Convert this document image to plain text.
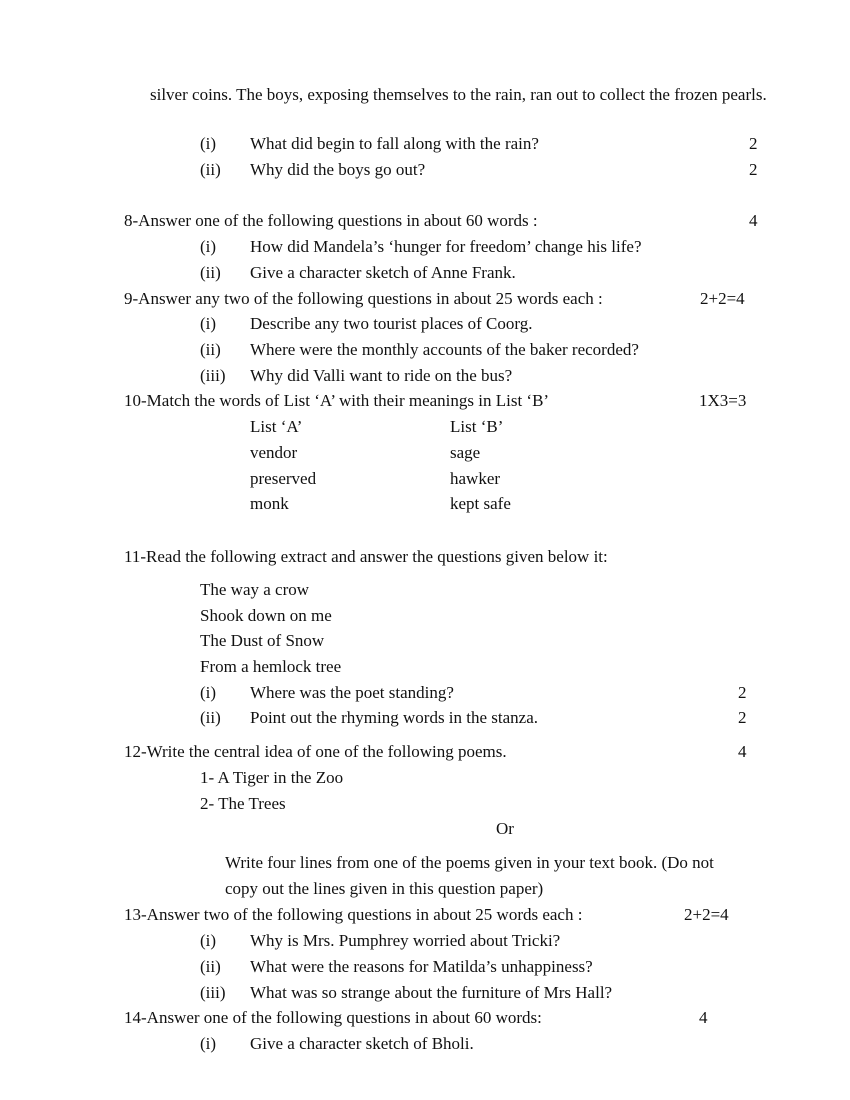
silver coins. The boys, exposing themselves to the rain, ran out to collect the frozen pearls.
(i) What did begin to fall along with the rain?	2
(ii) Why did the boys go out?	2
8-Answer one of the following questions in about 60 words :	4
(i) How did Mandela’s ‘hunger for freedom’ change his life?
(ii) Give a character sketch of Anne Frank.
9-Answer any two of the following questions in about 25 words each :	2+2=4
(i) Describe any two tourist places of Coorg.
(ii) Where were the monthly accounts of the baker recorded?
(iii) Why did Valli want to ride on the bus?
10-Match the words of List ‘A’ with their meanings in List ‘B’	1X3=3
List ‘A’	List ‘B’
vendor	sage
preserved	hawker
monk	kept safe
11-Read the following extract and answer the questions given below it:
The way a crow
Shook down on me
The Dust of Snow
From a hemlock tree
(i) Where was the poet standing?	2
(ii) Point out the rhyming words in the stanza.	2
12-Write the central idea of one of the following poems.	4
1- A Tiger in the Zoo
2- The Trees
Or
Write four lines from one of the poems given in your text book. (Do not
copy out the lines given in this question paper)
13-Answer two of the following questions in about 25 words each :	2+2=4
(i) Why is Mrs. Pumphrey worried about Tricki?
(ii) What were the reasons for Matilda’s unhappiness?
(iii) What was so strange about the furniture of Mrs Hall?
14-Answer one of the following questions in about 60 words:	4
(i) Give a character sketch of Bholi.
